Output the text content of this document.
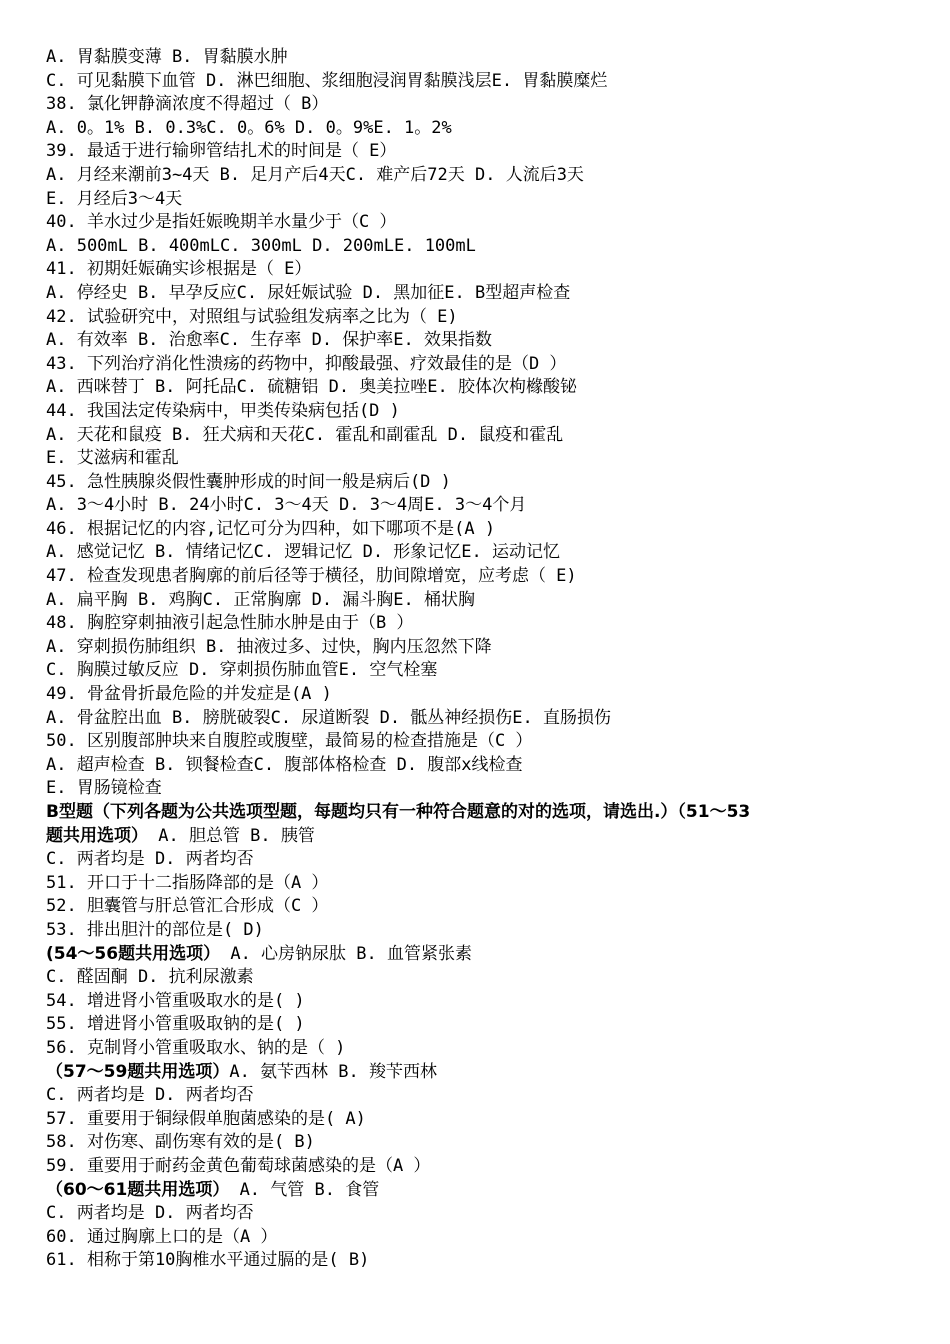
A. 胃黏膜变薄 B. 胃黏膜水肿
C. 可见黏膜下血管 D. 淋巴细胞、浆细胞浸润胃黏膜浅层E. 胃黏膜糜烂
38. 氯化钾静滴浓度不得超过（ B）
A. 0。1% B. 0.3%C. 0。6% D. 0。9%E. 1。2%
39. 最适于进行输卵管结扎术的时间是（ E）
A. 月经来潮前3~4天 B. 足月产后4天C. 难产后72天 D. 人流后3天
E. 月经后3～4天
40. 羊水过少是指妊娠晚期羊水量少于（C ）
A. 500mL B. 400mLC. 300mL D. 200mLE. 100mL
41. 初期妊娠确实诊根据是（ E）
A. 停经史 B. 早孕反应C. 尿妊娠试验 D. 黑加征E. B型超声检查
42. 试验研究中，对照组与试验组发病率之比为（ E)
A. 有效率 B. 治愈率C. 生存率 D. 保护率E. 效果指数
43. 下列治疗消化性溃疡的药物中，抑酸最强、疗效最佳的是（D ）
A. 西咪替丁 B. 阿托品C. 硫糖铝 D. 奥美拉唑E. 胶体次枸橼酸铋
44. 我国法定传染病中，甲类传染病包括(D )
A. 天花和鼠疫 B. 狂犬病和天花C. 霍乱和副霍乱 D. 鼠疫和霍乱
E. 艾滋病和霍乱
45. 急性胰腺炎假性囊肿形成的时间一般是病后(D )
A. 3～4小时 B. 24小时C. 3～4天 D. 3～4周E. 3～4个月
46. 根据记忆的内容,记忆可分为四种，如下哪项不是(A )
A. 感觉记忆 B. 情绪记忆C. 逻辑记忆 D. 形象记忆E. 运动记忆
47. 检查发现患者胸廓的前后径等于横径，肋间隙增宽，应考虑（ E)
A. 扁平胸 B. 鸡胸C. 正常胸廓 D. 漏斗胸E. 桶状胸
48. 胸腔穿刺抽液引起急性肺水肿是由于（B ）
A. 穿刺损伤肺组织 B. 抽液过多、过快，胸内压忽然下降
C. 胸膜过敏反应 D. 穿刺损伤肺血管E. 空气栓塞
49. 骨盆骨折最危险的并发症是(A )
A. 骨盆腔出血 B. 膀胱破裂C. 尿道断裂 D. 骶丛神经损伤E. 直肠损伤
50. 区别腹部肿块来自腹腔或腹壁，最简易的检查措施是（C ）
A. 超声检查 B. 钡餐检查C. 腹部体格检查 D. 腹部x线检查
E. 胃肠镜检查
B型题（下列各题为公共选项型题，每题均只有一种符合题意的对的选项，请选出.）（51～53
题共用选项） A. 胆总管 B. 胰管
C. 两者均是 D. 两者均否
51. 开口于十二指肠降部的是（A ）
52. 胆囊管与肝总管汇合形成（C ）
53. 排出胆汁的部位是( D)
(54～56题共用选项） A. 心房钠尿肽 B. 血管紧张素
C. 醛固酮 D. 抗利尿激素
54. 增进肾小管重吸取水的是( )
55. 增进肾小管重吸取钠的是( )
56. 克制肾小管重吸取水、钠的是（ )
（57～59题共用选项）A. 氨苄西林 B. 羧苄西林
C. 两者均是 D. 两者均否
57. 重要用于铜绿假单胞菌感染的是( A)
58. 对伤寒、副伤寒有效的是( B)
59. 重要用于耐药金黄色葡萄球菌感染的是（A ）
（60～61题共用选项） A. 气管 B. 食管
C. 两者均是 D. 两者均否
60. 通过胸廓上口的是（A ）
61. 相称于第10胸椎水平通过膈的是( B)
